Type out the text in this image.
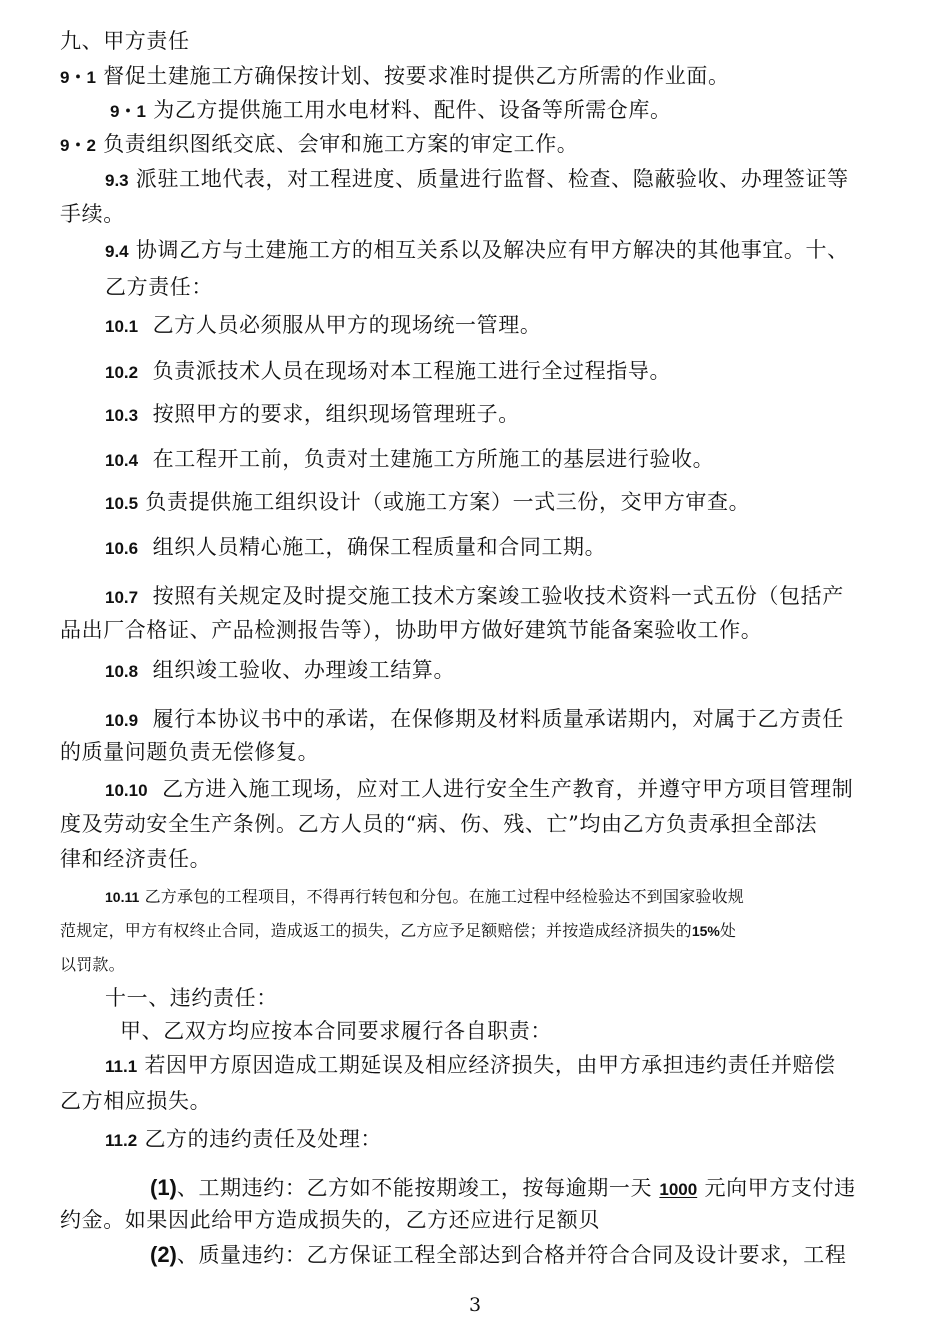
九、甲方责任

9・1 督促土建施工方确保按计划、按要求准时提供乙方所需的作业面。

9・1 为乙方提供施工用水电材料、配件、设备等所需仓库。

9・2 负责组织图纸交底、会审和施工方案的审定工作。

9.3 派驻工地代表，对工程进度、质量进行监督、检查、隐蔽验收、办理签证等

手续。

9.4 协调乙方与土建施工方的相互关系以及解决应有甲方解决的其他事宜。十、

乙方责任：

10.1 乙方人员必须服从甲方的现场统一管理。

10.2 负责派技术人员在现场对本工程施工进行全过程指导。

10.3 按照甲方的要求，组织现场管理班子。

10.4 在工程开工前，负责对土建施工方所施工的基层进行验收。

10.5 负责提供施工组织设计（或施工方案）一式三份，交甲方审查。

10.6 组织人员精心施工，确保工程质量和合同工期。

10.7 按照有关规定及时提交施工技术方案竣工验收技术资料一式五份（包括产

品出厂合格证、产品检测报告等），协助甲方做好建筑节能备案验收工作。

10.8 组织竣工验收、办理竣工结算。

10.9 履行本协议书中的承诺，在保修期及材料质量承诺期内，对属于乙方责任

的质量问题负责无偿修复。

10.10 乙方进入施工现场，应对工人进行安全生产教育，并遵守甲方项目管理制

度及劳动安全生产条例。乙方人员的“病、伤、残、亡”均由乙方负责承担全部法

律和经济责任。

10.11 乙方承包的工程项目，不得再行转包和分包。在施工过程中经检验达不到国家验收规

范规定，甲方有权终止合同，造成返工的损失，乙方应予足额赔偿；并按造成经济损失的15%处

以罚款。

十一、违约责任：

甲、乙双方均应按本合同要求履行各自职责：

11.1 若因甲方原因造成工期延误及相应经济损失，由甲方承担违约责任并赔偿

乙方相应损失。

11.2 乙方的违约责任及处理：

(1)、工期违约：乙方如不能按期竣工，按每逾期一天 1000 元向甲方支付违

约金。如果因此给甲方造成损失的，乙方还应进行足额贝

(2)、质量违约：乙方保证工程全部达到合格并符合合同及设计要求，工程

3
